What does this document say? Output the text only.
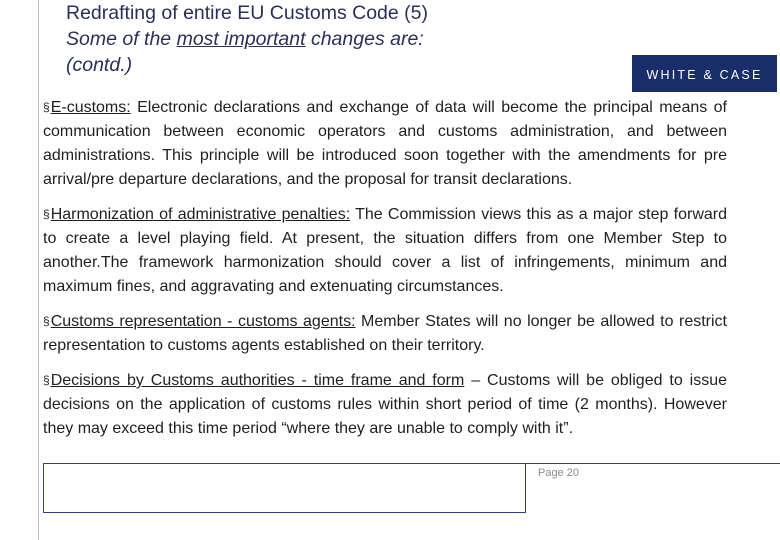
Redrafting of entire EU Customs Code (5)
Some of the most important changes are:
(contd.)	WHITE & CASE

§E-customs: Electronic declarations and exchange of data will become the principal means of communication between economic operators and customs administration, and between administrations. This principle will be introduced soon together with the amendments for pre arrival/pre departure declarations, and the proposal for transit declarations.

§Harmonization of administrative penalties: The Commission views this as a major step forward to create a level playing field. At present, the situation differs from one Member Step to another.The framework harmonization should cover a list of infringements, minimum and maximum fines, and aggravating and extenuating circumstances.

§Customs representation - customs agents: Member States will no longer be allowed to restrict representation to customs agents established on their territory.

§Decisions by Customs authorities - time frame and form – Customs will be obliged to issue decisions on the application of customs rules within short period of time (2 months). However they may exceed this time period “where they are unable to comply with it”.

Page 20
